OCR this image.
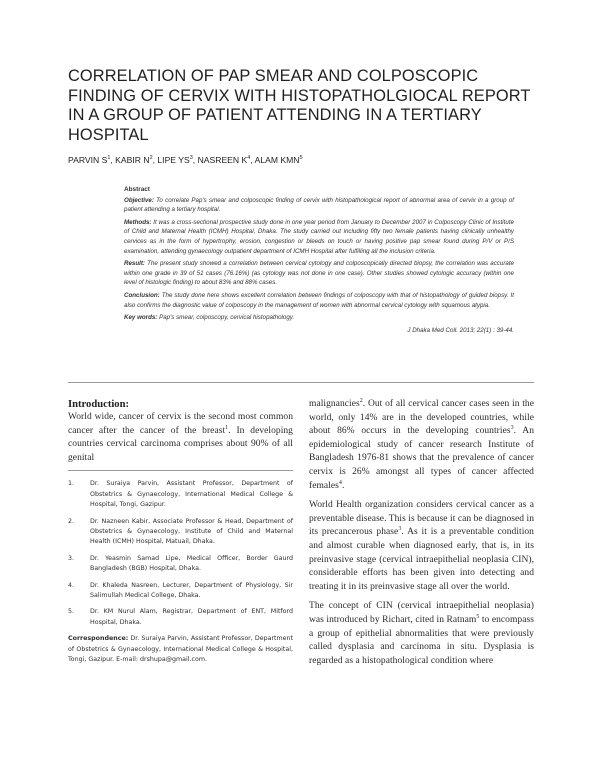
CORRELATION OF PAP SMEAR AND COLPOSCOPIC FINDING OF CERVIX WITH HISTOPATHOLGIOCAL REPORT IN A GROUP OF PATIENT ATTENDING IN A TERTIARY HOSPITAL
PARVIN $S^1$, KABIR $N^2$, LIPE $YS^3$, NASREEN $K^4$, ALAM KMN$^5$
Abstract

Objective: To correlate Pap's smear and colposcopic finding of cervix with histopathological report of abnormal area of cervix in a group of patient attending a tertiary hospital.

Methods: It was a cross-sectional prospective study done in one year period from January to December 2007 in Colposcopy Clinic of Institute of Child and Maternal Health (ICMH) Hospital, Dhaka. The study carried out including fifty two female patients having clinically unhealthy cervices as in the form of hypertrophy, erosion, congestion or bleeds on touch or having positive pap smear found during P/V or P/S examination, attending gynaecology outpatient department of ICMH Hospital after fulfilling all the inclusion criteria.

Result: The present study showed a correlation between cervical cytology and colposcopically directed biopsy, the correlation was accurate within one grade in 39 of 51 cases (76.16%) (as cytology was not done in one case). Other studies showed cytologic accuracy (within one level of histologic finding) to about 83% and 88% cases.

Conclusion: The study done here shows excellent correlation between findings of colposcopy with that of histopathology of guided biopsy. It also confirms the diagnostic value of colposcopy in the management of women with abnormal cervical cytology with squamous atypia.

Key words: Pap's smear, colposcopy, cervical histopathology.

J Dhaka Med Coll. 2013; 22(1) : 39-44.
Introduction:
World wide, cancer of cervix is the second most common cancer after the cancer of the breast$^1$. In developing countries cervical carcinoma comprises about 90% of all genital
1.	Dr. Suraiya Parvin, Assistant Professor, Department of Obstetrics & Gynaecology, International Medical College & Hospital, Tongi, Gazipur.
2.	Dr. Nazneen Kabir, Associate Professor & Head, Department of Obstetrics & Gynaecology, Institute of Child and Maternal Health (ICMH) Hospital, Matuail, Dhaka.
3.	Dr. Yeasmin Samad Lipe, Medical Officer, Border Gaurd Bangladesh (BGB) Hospital, Dhaka.
4.	Dr. Khaleda Nasreen, Lecturer, Department of Physiology, Sir Salimullah Medical College, Dhaka.
5.	Dr. KM Nurul Alam, Registrar, Department of ENT, Mitford Hospital, Dhaka.
Correspondence: Dr. Suraiya Parvin, Assistant Professor, Department of Obstetrics & Gynaecology, International Medical College & Hospital, Tongi, Gazipur. E-mail: drshupa@gmail.com.
malignancies$^2$. Out of all cervical cancer cases seen in the world, only 14% are in the developed countries, while about 86% occurs in the developing countries$^3$. An epidemiological study of cancer research Institute of Bangladesh 1976-81 shows that the prevalence of cancer cervix is 26% amongst all types of cancer affected females$^4$.
World Health organization considers cervical cancer as a preventable disease. This is because it can be diagnosed in its precancerous phase$^3$. As it is a preventable condition and almost curable when diagnosed early, that is, in its preinvasive stage (cervical intraepithelial neoplasia CIN), considerable efforts has been given into detecting and treating it in its preinvasive stage all over the world.
The concept of CIN (cervical intraepithelial neoplasia) was introduced by Richart, cited in Ratnam$^5$ to encompass a group of epithelial abnormalities that were previously called dysplasia and carcinoma in situ. Dysplasia is regarded as a histopathological condition where
